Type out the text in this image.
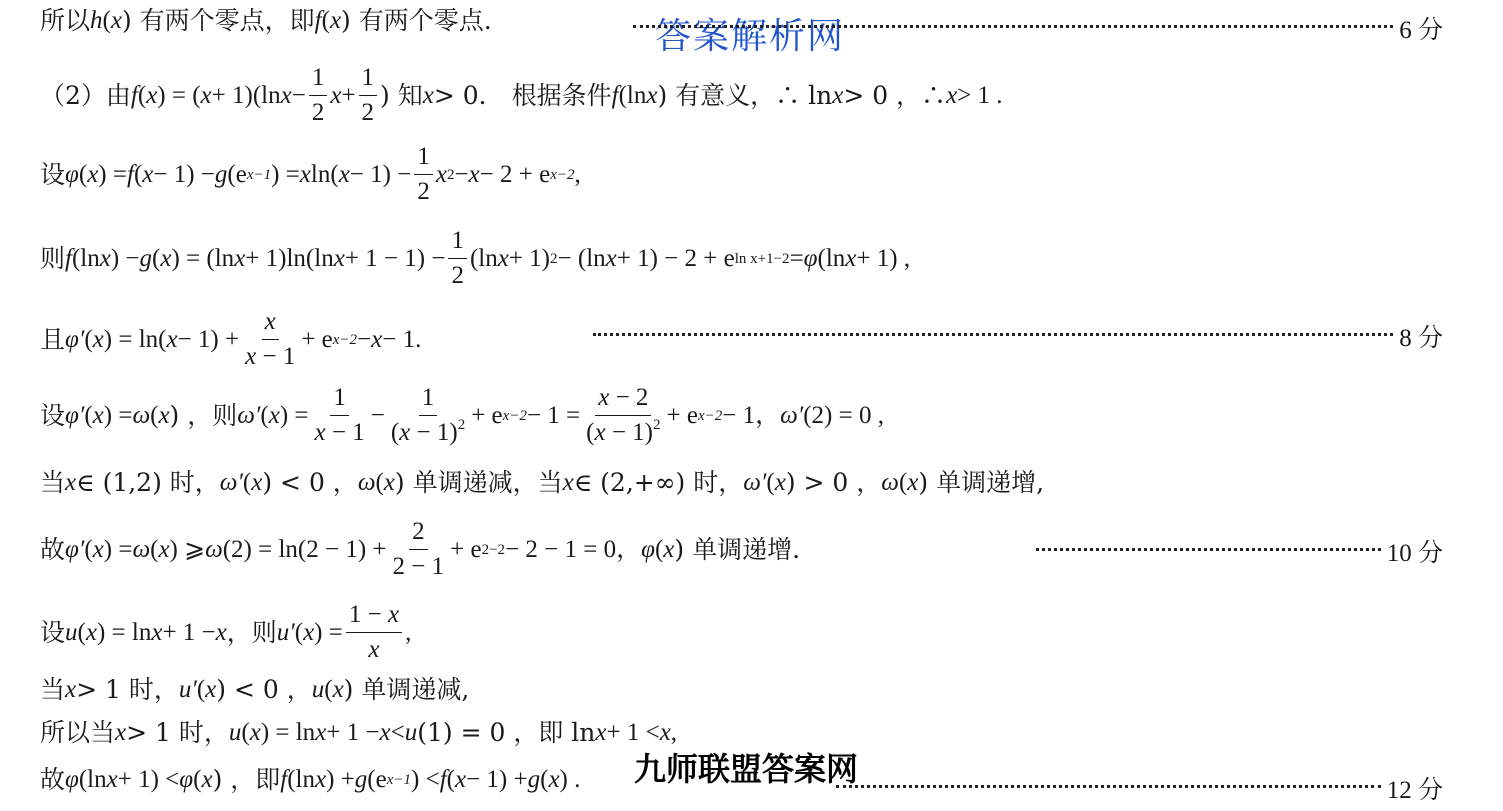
答案解析网
所以 h ( x ) 有两个零点，即 f ( x ) 有两个零点.	6 分
（2）由 f ( x ) = ( x + 1)(ln $x - \frac{1}{2}$ $x + \frac{1}{2}$ ) 知 x > 0． 根据条件 f (ln x ) 有意义，∴ ln x > 0 ，∴ x > 1 .
设 φ ( x ) = f ( x − 1) − g (e x−1 ) = x ln( $x - 1) - \frac{1}{2}$ x 2 − x − 2 + e x−2 ,
则 f (ln x ) − g ( x ) = (ln x + 1)ln(ln $x + 1 - 1) - \frac{1}{2} (\ln$ x + 1) 2 − (ln x + 1) − 2 + e ln x+1−2 = φ (ln x + 1) ,
且 φ′ ( x ) = ln( $x - 1) + \frac{x}{x - 1} + e$ x−2 − x − 1.	8 分
设 φ′ ( x ) = ω ( x ) ，则 ω′ ( x ) = $\frac{1}{x - 1} - \frac{1}{(x - 1)^2} + e$ $x-2 - 1 = \frac{x - 2}{(x - 1)^2} + e$ x−2 − 1， ω′ (2) = 0 ,
当 x ∈ (1,2) 时， ω′ ( x ) < 0 ， ω ( x ) 单调递减，当 x ∈ (2,+∞) 时， ω′ ( x ) > 0 ， ω ( x ) 单调递增,
故 φ′ ( x ) = ω ( x ) ⩾ ω $(2) = \ln(2 - 1) + \frac{2}{2 - 1} + e$ 2−2 − 2 − 1 = 0， φ ( x ) 单调递增.	10 分
设 u ( x ) = ln x + 1 − x ，则 u′ ( x ) = $\frac{1 - x}{x}$ ,
当 x > 1 时， u′ ( x ) < 0 ， u ( x ) 单调递减,
所以当 x > 1 时， u ( x ) = ln x + 1 − x < u (1) = 0 ，即 ln x + 1 < x ,
故 φ (ln x + 1) < φ ( x ) ，即 f (ln x ) + g (e x−1 ) < f ( x − 1) + g ( x ) .	12 分
九师联盟答案网
